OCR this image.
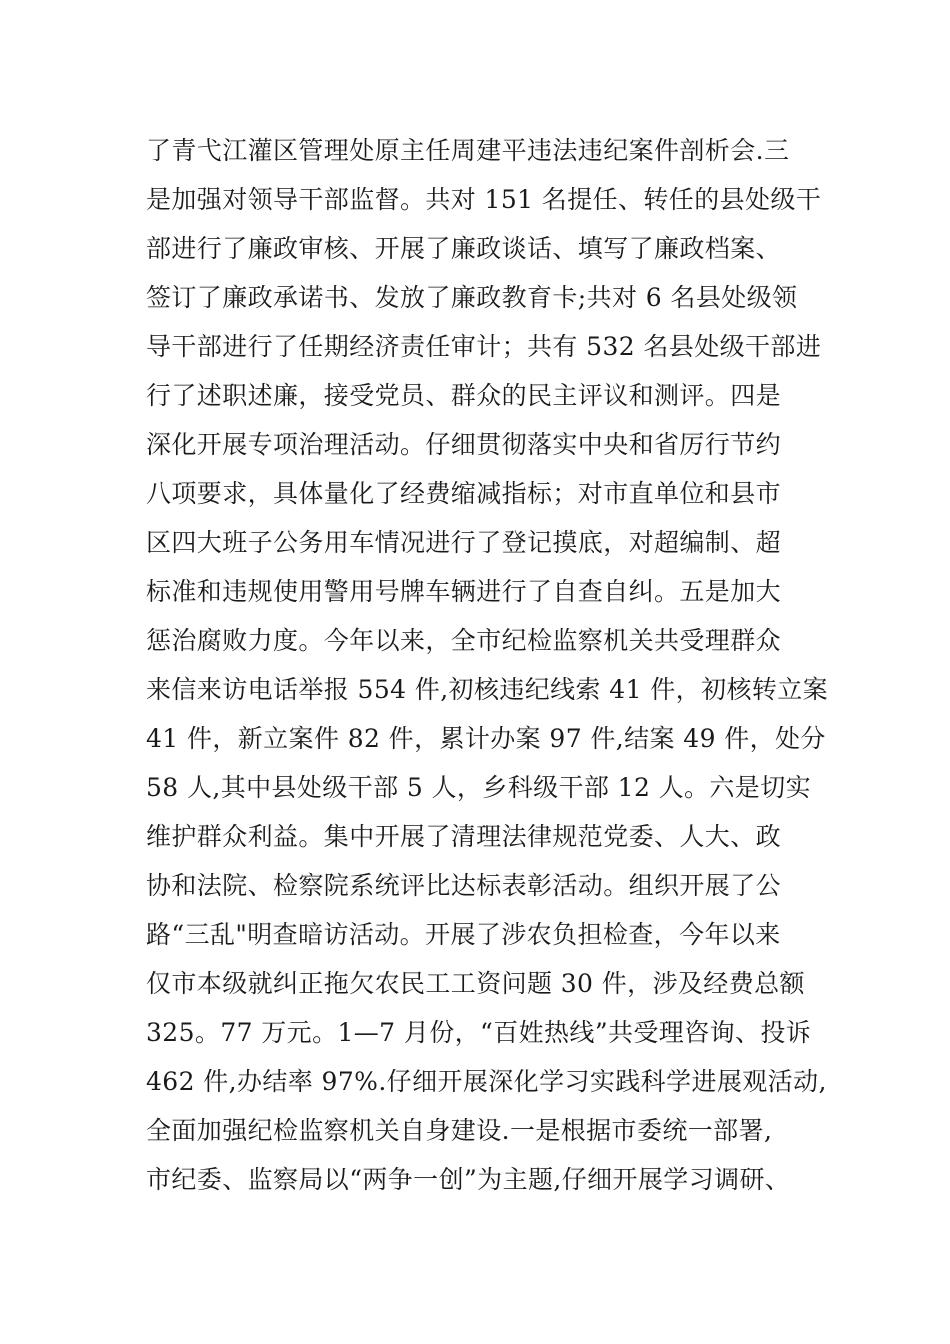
了青弋江灌区管理处原主任周建平违法违纪案件剖析会.三
是加强对领导干部监督。共对 151 名提任、转任的县处级干
部进行了廉政审核、开展了廉政谈话、填写了廉政档案、
签订了廉政承诺书、发放了廉政教育卡;共对 6 名县处级领
导干部进行了任期经济责任审计；共有 532 名县处级干部进
行了述职述廉，接受党员、群众的民主评议和测评。四是
深化开展专项治理活动。仔细贯彻落实中央和省厉行节约
八项要求，具体量化了经费缩减指标；对市直单位和县市
区四大班子公务用车情况进行了登记摸底，对超编制、超
标准和违规使用警用号牌车辆进行了自查自纠。五是加大
惩治腐败力度。今年以来，全市纪检监察机关共受理群众
来信来访电话举报 554 件,初核违纪线索 41 件，初核转立案
41 件，新立案件 82 件，累计办案 97 件,结案 49 件，处分
58 人,其中县处级干部 5 人，乡科级干部 12 人。六是切实
维护群众利益。集中开展了清理法律规范党委、人大、政
协和法院、检察院系统评比达标表彰活动。组织开展了公
路“三乱"明查暗访活动。开展了涉农负担检查，今年以来
仅市本级就纠正拖欠农民工工资问题 30 件，涉及经费总额
325。77 万元。1—7 月份，“百姓热线”共受理咨询、投诉
462 件,办结率 97%.仔细开展深化学习实践科学进展观活动,
全面加强纪检监察机关自身建设.一是根据市委统一部署,
市纪委、监察局以“两争一创”为主题,仔细开展学习调研、
